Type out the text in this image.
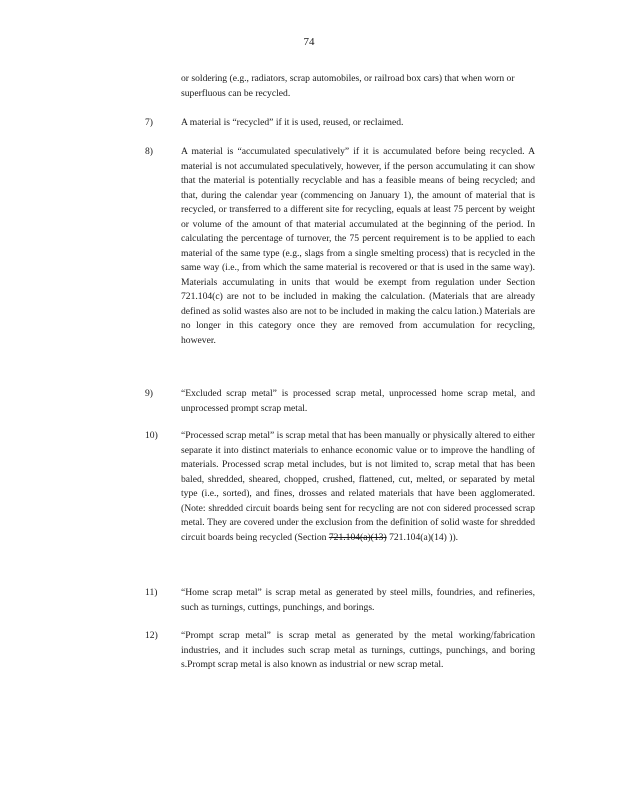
74
or soldering (e.g., radiators, scrap automobiles, or railroad box cars) that when worn or superfluous can be recycled.
7)	A material is “recycled” if it is used, reused, or reclaimed.
8)	A material is “accumulated speculatively” if it is accumulated before being recycled. A material is not accumulated speculatively, however, if the person accumulating it can show that the material is potentially recyclable and has a feasible means of being recycled; and that, during the calendar year (commencing on January 1), the amount of material that is recycled, or transferred to a different site for recycling, equals at least 75 percent by weight or volume of the amount of that material accumulated at the beginning of the period. In calculating the percentage of turnover, the 75 percent requirement is to be applied to each material of the same type (e.g., slags from a single smelting process) that is recycled in the same way (i.e., from which the same material is recovered or that is used in the same way). Materials accumulating in units that would be exempt from regulation under Section 721.104(c) are not to be included in making the calculation. (Materials that are already defined as solid wastes also are not to be included in making the calcu lation.) Materials are no longer in this category once they are removed from accumulation for recycling, however.
9)	“Excluded scrap metal” is processed scrap metal, unprocessed home scrap metal, and unprocessed prompt scrap metal.
10)	“Processed scrap metal” is scrap metal that has been manually or physically altered to either separate it into distinct materials to enhance economic value or to improve the handling of materials. Processed scrap metal includes, but is not limited to, scrap metal that has been baled, shredded, sheared, chopped, crushed, flattened, cut, melted, or separated by metal type (i.e., sorted), and fines, drosses and related materials that have been agglomerated. (Note: shredded circuit boards being sent for recycling are not con sidered processed scrap metal. They are covered under the exclusion from the definition of solid waste for shredded circuit boards being recycled (Section 721.104(a)(13) 721.104(a)(14) )).
11)	“Home scrap metal” is scrap metal as generated by steel mills, foundries, and refineries, such as turnings, cuttings, punchings, and borings.
12)	“Prompt scrap metal” is scrap metal as generated by the metal working/fabrication industries, and it includes such scrap metal as turnings, cuttings, punchings, and boring s.Prompt scrap metal is also known as industrial or new scrap metal.
